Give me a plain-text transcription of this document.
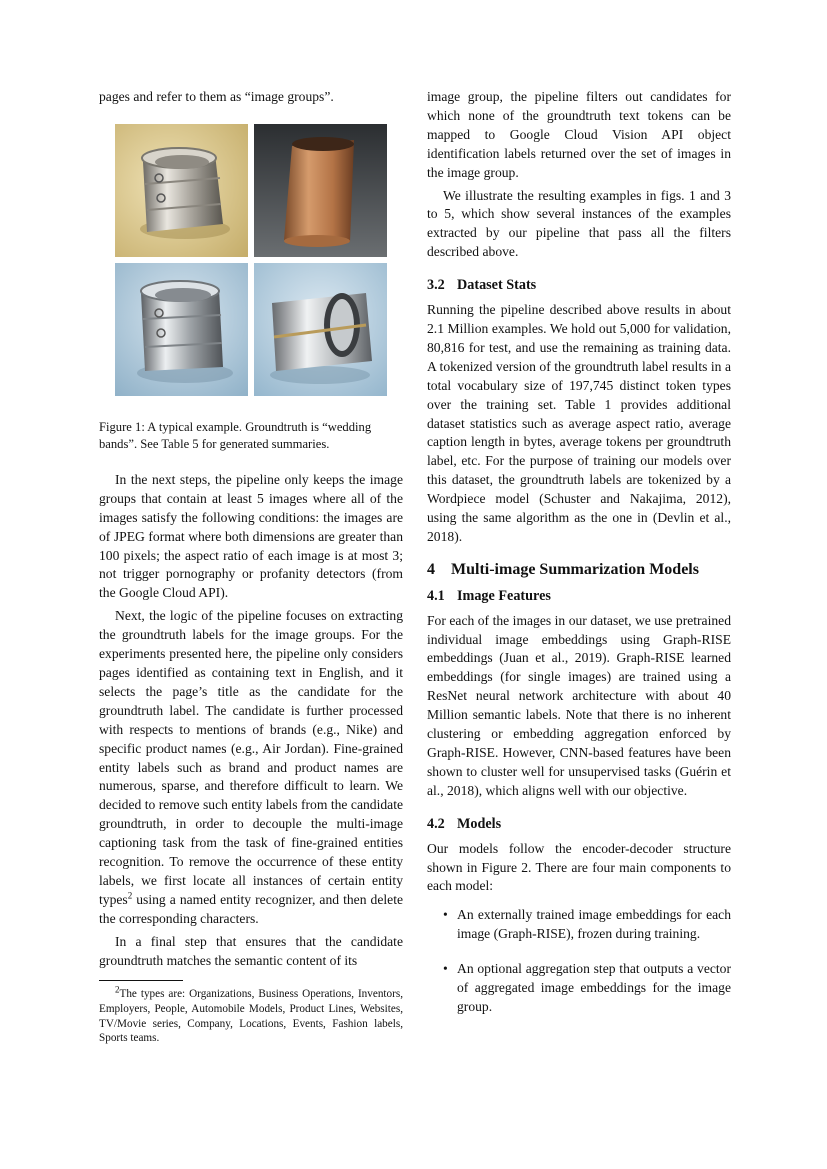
pages and refer to them as “image groups”.

Figure 1: A typical example. Groundtruth is “wedding bands”. See Table 5 for generated summaries.

In the next steps, the pipeline only keeps the image groups that contain at least 5 images where all of the images satisfy the following conditions: the images are of JPEG format where both dimensions are greater than 100 pixels; the aspect ratio of each image is at most 3; not trigger pornography or profanity detectors (from the Google Cloud API).

Next, the logic of the pipeline focuses on extracting the groundtruth labels for the image groups. For the experiments presented here, the pipeline only considers pages identified as containing text in English, and it selects the page’s title as the candidate for the groundtruth label. The candidate is further processed with respects to mentions of brands (e.g., Nike) and specific product names (e.g., Air Jordan). Fine-grained entity labels such as brand and product names are numerous, sparse, and therefore difficult to learn. We decided to remove such entity labels from the candidate groundtruth, in order to decouple the multi-image captioning task from the task of fine-grained entities recognition. To remove the occurrence of these entity labels, we first locate all instances of certain entity types$^2$ using a named entity recognizer, and then delete the corresponding characters.

In a final step that ensures that the candidate groundtruth matches the semantic content of its

$^2$The types are: Organizations, Business Operations, Inventors, Employers, People, Automobile Models, Product Lines, Websites, TV/Movie series, Company, Locations, Events, Fashion labels, Sports teams.

image group, the pipeline filters out candidates for which none of the groundtruth text tokens can be mapped to Google Cloud Vision API object identification labels returned over the set of images in the image group.

We illustrate the resulting examples in figs. 1 and 3 to 5, which show several instances of the examples extracted by our pipeline that pass all the filters described above.

3.2 Dataset Stats

Running the pipeline described above results in about 2.1 Million examples. We hold out 5,000 for validation, 80,816 for test, and use the remaining as training data. A tokenized version of the groundtruth label results in a total vocabulary size of 197,745 distinct token types over the training set. Table 1 provides additional dataset statistics such as average aspect ratio, average caption length in bytes, average tokens per groundtruth label, etc. For the purpose of training our models over this dataset, the groundtruth labels are tokenized by a Wordpiece model (Schuster and Nakajima, 2012), using the same algorithm as the one in (Devlin et al., 2018).

4 Multi-image Summarization Models
4.1 Image Features

For each of the images in our dataset, we use pretrained individual image embeddings using Graph-RISE embeddings (Juan et al., 2019). Graph-RISE learned embeddings (for single images) are trained using a ResNet neural network architecture with about 40 Million semantic labels. Note that there is no inherent clustering or embedding aggregation enforced by Graph-RISE. However, CNN-based features have been shown to cluster well for unsupervised tasks (Guérin et al., 2018), which aligns well with our objective.

4.2 Models

Our models follow the encoder-decoder structure shown in Figure 2. There are four main components to each model:

• An externally trained image embeddings for each image (Graph-RISE), frozen during training.
• An optional aggregation step that outputs a vector of aggregated image embeddings for the image group.
